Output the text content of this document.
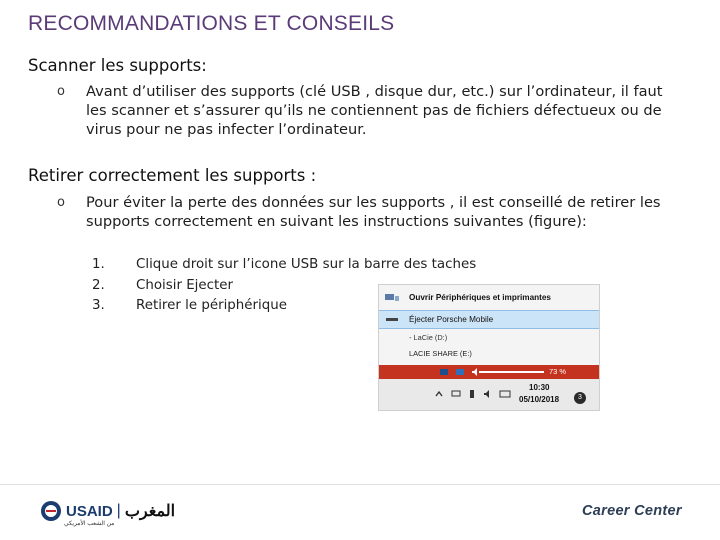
RECOMMANDATIONS ET CONSEILS
Scanner les supports:
o Avant d’utiliser des supports (clé USB , disque dur, etc.) sur l’ordinateur, il faut les scanner et s’assurer qu’ils ne contiennent pas de fichiers défectueux ou de virus pour ne pas infecter l’ordinateur.
Retirer correctement les supports :
o Pour éviter la perte des données sur les supports , il est conseillé de retirer les supports correctement en suivant les instructions suivantes (figure):
1.	Clique droit sur l’icone USB sur la barre des taches
2.	Choisir Ejecter
3.	Retirer le périphérique
Ouvrir Périphériques et imprimantes
Éjecter Porsche Mobile
- LaCie (D:)
LACIE SHARE (E:)
73 %
10:30
05/10/2018	3
USAID | المغرب
من الشعب الأمريكي
Career Center
